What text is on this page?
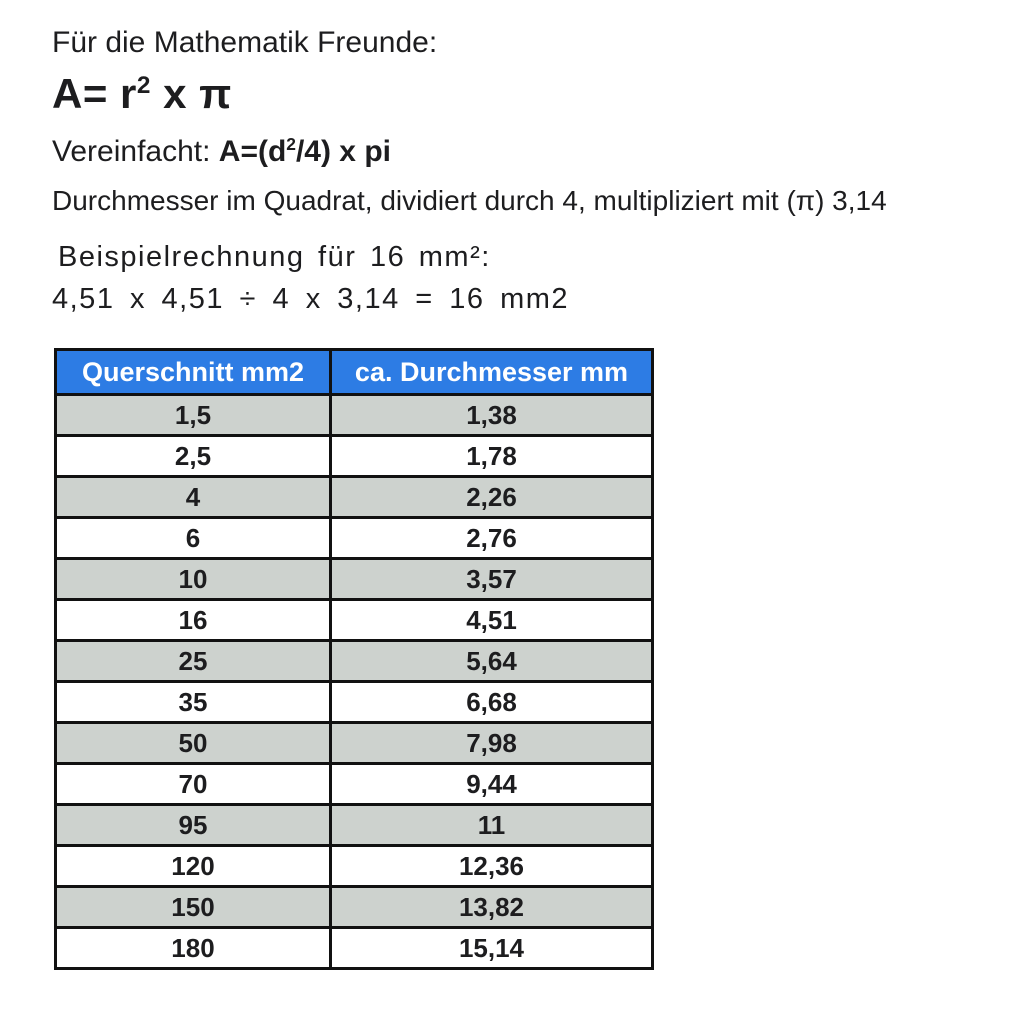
Für die Mathematik Freunde:
$A= r^2$ x π
Vereinfacht: $A=(d^2/4)$ x pi
Durchmesser im Quadrat, dividiert durch 4, multipliziert mit (π) 3,14
Beispielrechnung für 16 mm²:
4,51 x 4,51 ÷ 4 x 3,14 = 16 mm2
Querschnitt mm2	ca. Durchmesser mm
1,5	1,38
2,5	1,78
4	2,26
6	2,76
10	3,57
16	4,51
25	5,64
35	6,68
50	7,98
70	9,44
95	11
120	12,36
150	13,82
180	15,14
